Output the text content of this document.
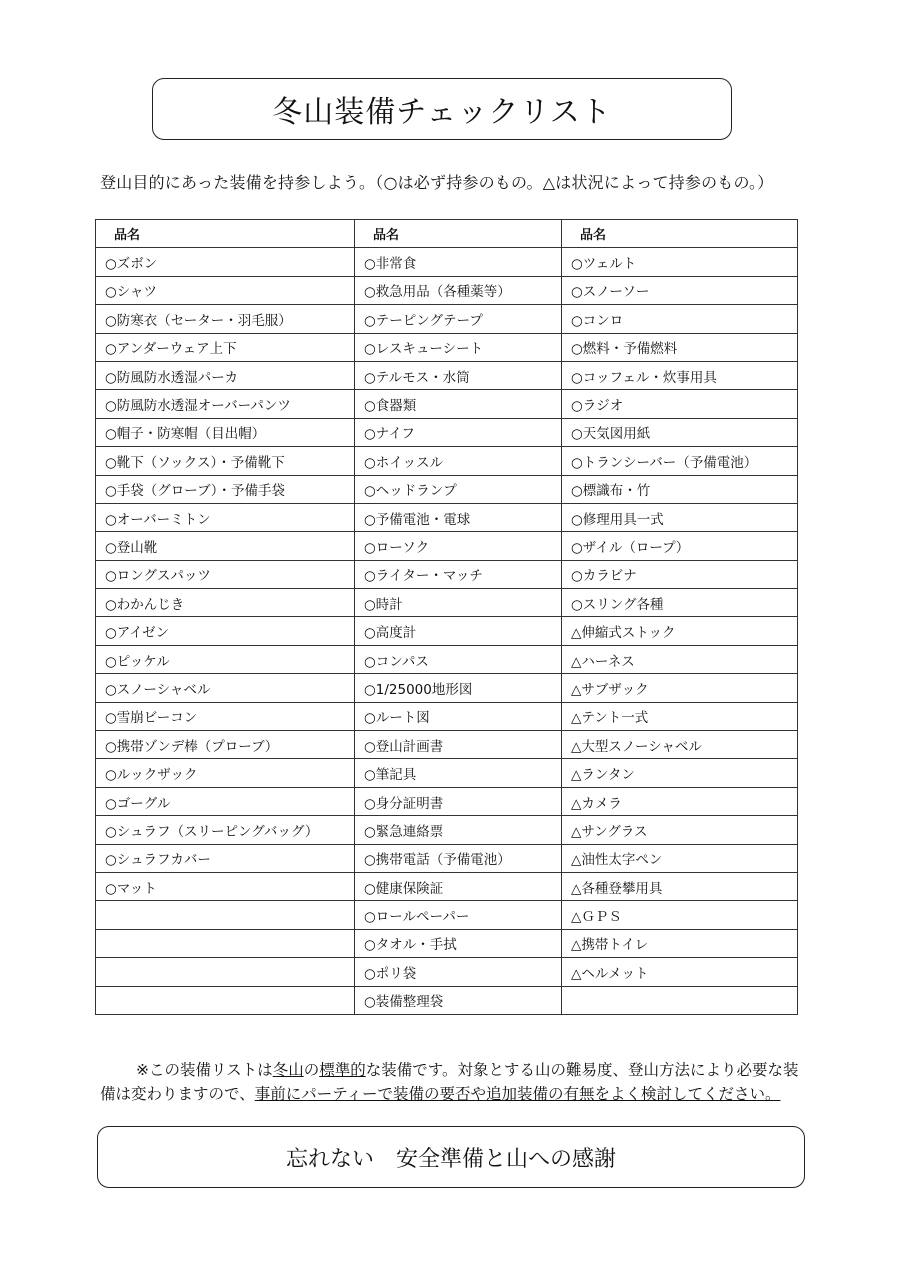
冬山装備チェックリスト
登山目的にあった装備を持参しよう。（○は必ず持参のもの。△は状況によって持参のもの。）
品名	品名	品名
○ズボン	○非常食	○ツェルト
○シャツ	○救急用品（各種薬等）	○スノーソー
○防寒衣（セーター・羽毛服）	○テーピングテープ	○コンロ
○アンダーウェア上下	○レスキューシート	○燃料・予備燃料
○防風防水透湿パーカ	○テルモス・水筒	○コッフェル・炊事用具
○防風防水透湿オーバーパンツ	○食器類	○ラジオ
○帽子・防寒帽（目出帽）	○ナイフ	○天気図用紙
○靴下（ソックス）・予備靴下	○ホイッスル	○トランシーバー（予備電池）
○手袋（グローブ）・予備手袋	○ヘッドランプ	○標識布・竹
○オーバーミトン	○予備電池・電球	○修理用具一式
○登山靴	○ローソク	○ザイル（ロープ）
○ロングスパッツ	○ライター・マッチ	○カラビナ
○わかんじき	○時計	○スリング各種
○アイゼン	○高度計	△伸縮式ストック
○ピッケル	○コンパス	△ハーネス
○スノーシャベル	○1/25000地形図	△サブザック
○雪崩ビーコン	○ルート図	△テント一式
○携帯ゾンデ棒（プローブ）	○登山計画書	△大型スノーシャベル
○ルックザック	○筆記具	△ランタン
○ゴーグル	○身分証明書	△カメラ
○シュラフ（スリーピングバッグ）	○緊急連絡票	△サングラス
○シュラフカバー	○携帯電話（予備電池）	△油性太字ペン
○マット	○健康保険証	△各種登攀用具
	○ロールペーパー	△ＧＰＳ
	○タオル・手拭	△携帯トイレ
	○ポリ袋	△ヘルメット
	○装備整理袋	

※この装備リストは冬山の標準的な装備です。対象とする山の難易度、登山方法により必要な装

備は変わりますので、事前にパーティーで装備の要否や追加装備の有無をよく検討してください。

忘れない　安全準備と山への感謝
